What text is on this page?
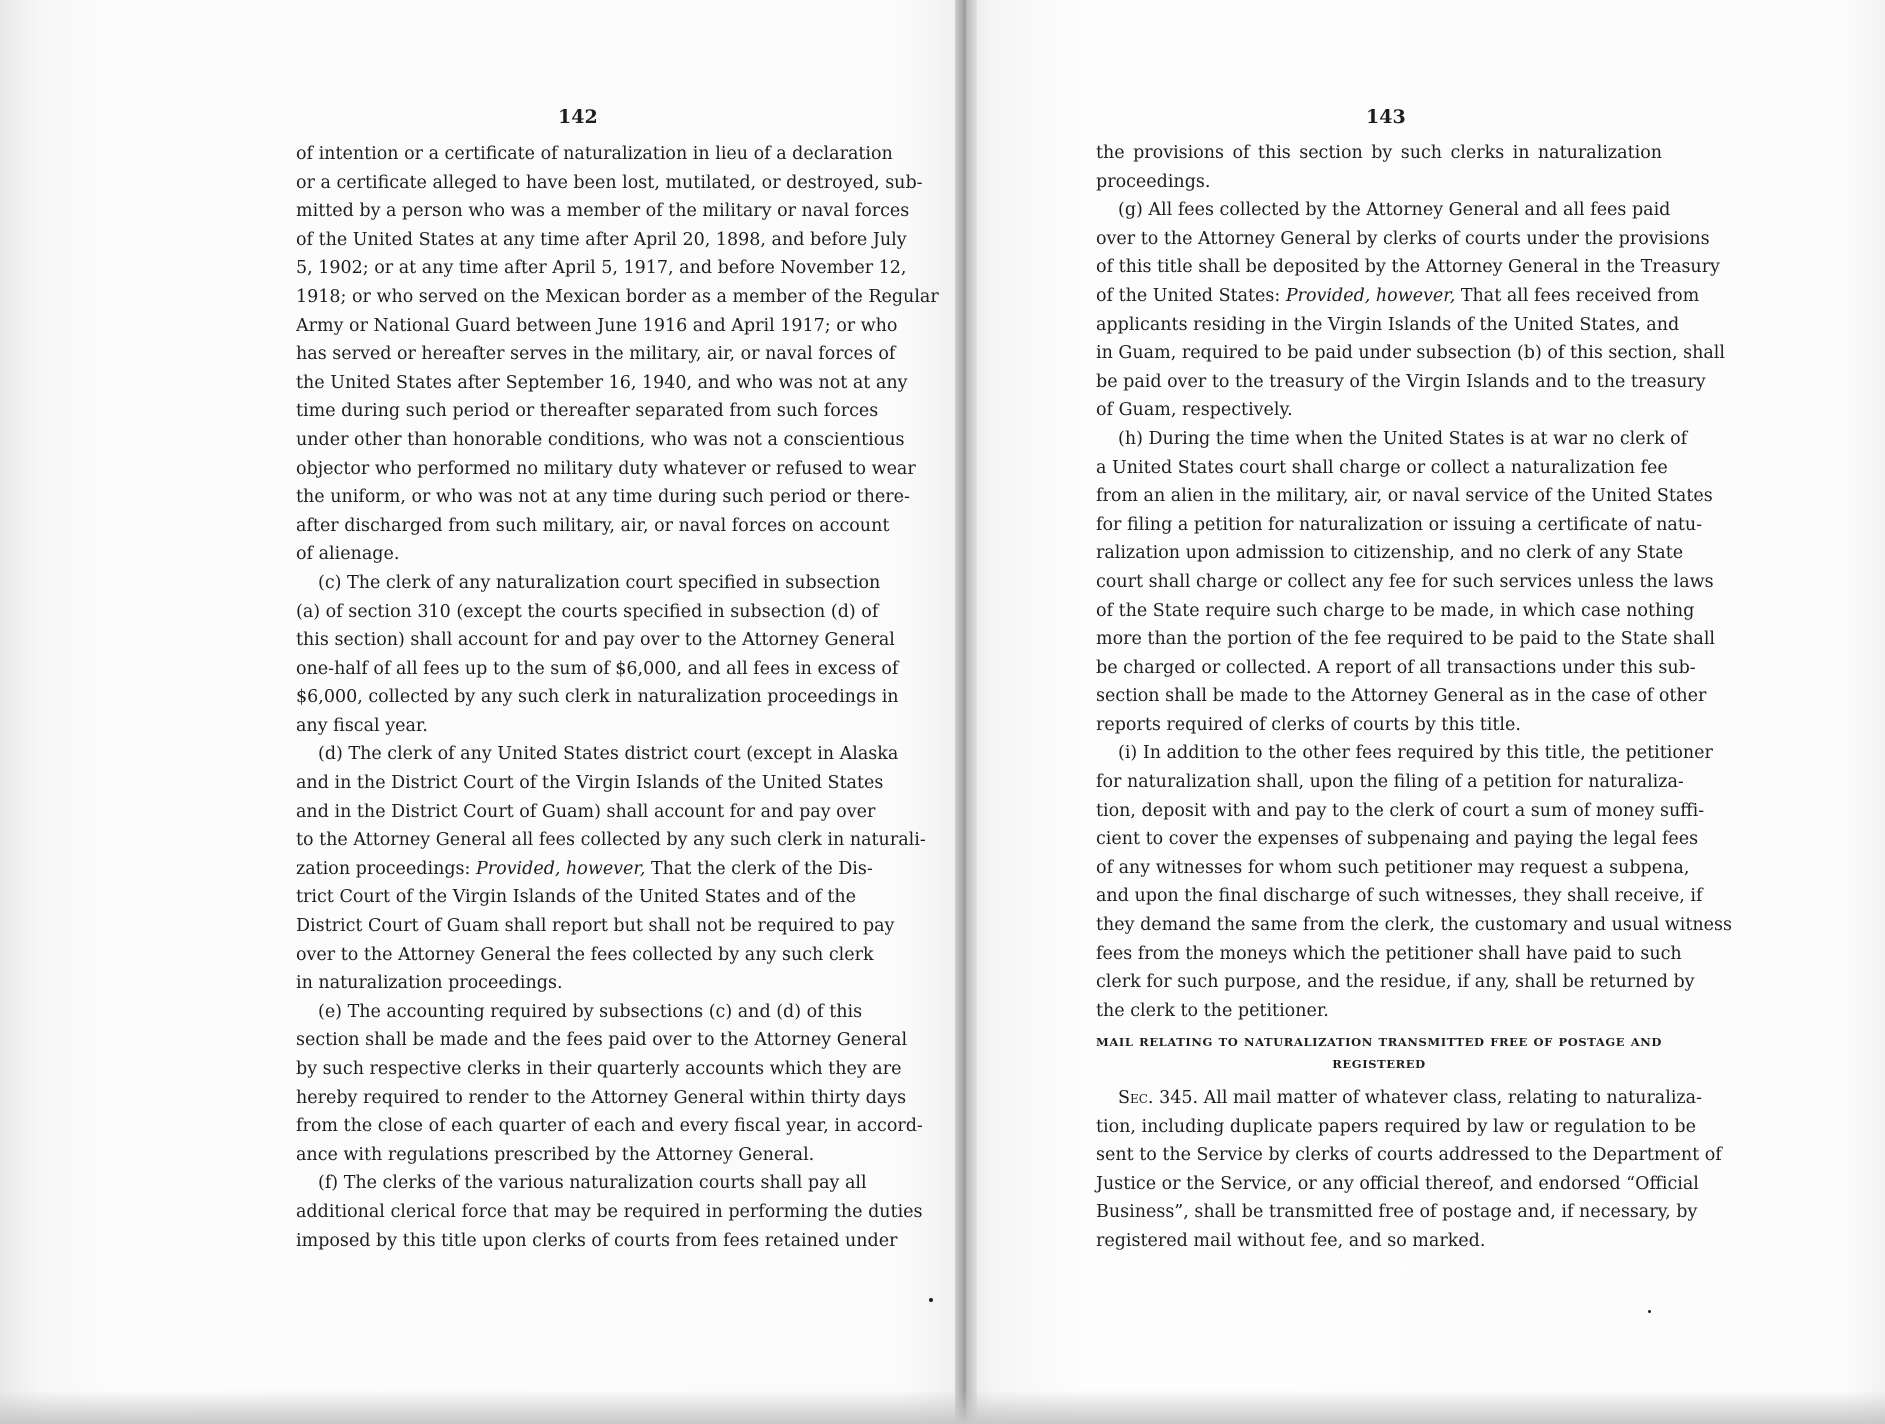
142
of intention or a certificate of naturalization in lieu of a declaration
or a certificate alleged to have been lost, mutilated, or destroyed, sub-
mitted by a person who was a member of the military or naval forces
of the United States at any time after April 20, 1898, and before July
5, 1902; or at any time after April 5, 1917, and before November 12,
1918; or who served on the Mexican border as a member of the Regular
Army or National Guard between June 1916 and April 1917; or who
has served or hereafter serves in the military, air, or naval forces of
the United States after September 16, 1940, and who was not at any
time during such period or thereafter separated from such forces
under other than honorable conditions, who was not a conscientious
objector who performed no military duty whatever or refused to wear
the uniform, or who was not at any time during such period or there-
after discharged from such military, air, or naval forces on account
of alienage.
(c) The clerk of any naturalization court specified in subsection
(a) of section 310 (except the courts specified in subsection (d) of
this section) shall account for and pay over to the Attorney General
one-half of all fees up to the sum of $6,000, and all fees in excess of
$6,000, collected by any such clerk in naturalization proceedings in
any fiscal year.
(d) The clerk of any United States district court (except in Alaska
and in the District Court of the Virgin Islands of the United States
and in the District Court of Guam) shall account for and pay over
to the Attorney General all fees collected by any such clerk in naturali-
zation proceedings: Provided, however, That the clerk of the Dis-
trict Court of the Virgin Islands of the United States and of the
District Court of Guam shall report but shall not be required to pay
over to the Attorney General the fees collected by any such clerk
in naturalization proceedings.
(e) The accounting required by subsections (c) and (d) of this
section shall be made and the fees paid over to the Attorney General
by such respective clerks in their quarterly accounts which they are
hereby required to render to the Attorney General within thirty days
from the close of each quarter of each and every fiscal year, in accord-
ance with regulations prescribed by the Attorney General.
(f) The clerks of the various naturalization courts shall pay all
additional clerical force that may be required in performing the duties
imposed by this title upon clerks of courts from fees retained under
143
the provisions of this section by such clerks in naturalization
proceedings.
(g) All fees collected by the Attorney General and all fees paid
over to the Attorney General by clerks of courts under the provisions
of this title shall be deposited by the Attorney General in the Treasury
of the United States: Provided, however, That all fees received from
applicants residing in the Virgin Islands of the United States, and
in Guam, required to be paid under subsection (b) of this section, shall
be paid over to the treasury of the Virgin Islands and to the treasury
of Guam, respectively.
(h) During the time when the United States is at war no clerk of
a United States court shall charge or collect a naturalization fee
from an alien in the military, air, or naval service of the United States
for filing a petition for naturalization or issuing a certificate of natu-
ralization upon admission to citizenship, and no clerk of any State
court shall charge or collect any fee for such services unless the laws
of the State require such charge to be made, in which case nothing
more than the portion of the fee required to be paid to the State shall
be charged or collected. A report of all transactions under this sub-
section shall be made to the Attorney General as in the case of other
reports required of clerks of courts by this title.
(i) In addition to the other fees required by this title, the petitioner
for naturalization shall, upon the filing of a petition for naturaliza-
tion, deposit with and pay to the clerk of court a sum of money suffi-
cient to cover the expenses of subpenaing and paying the legal fees
of any witnesses for whom such petitioner may request a subpena,
and upon the final discharge of such witnesses, they shall receive, if
they demand the same from the clerk, the customary and usual witness
fees from the moneys which the petitioner shall have paid to such
clerk for such purpose, and the residue, if any, shall be returned by
the clerk to the petitioner.
MAIL RELATING TO NATURALIZATION TRANSMITTED FREE OF POSTAGE AND
REGISTERED
Sec. 345. All mail matter of whatever class, relating to naturaliza-
tion, including duplicate papers required by law or regulation to be
sent to the Service by clerks of courts addressed to the Department of
Justice or the Service, or any official thereof, and endorsed “Official
Business”, shall be transmitted free of postage and, if necessary, by
registered mail without fee, and so marked.
